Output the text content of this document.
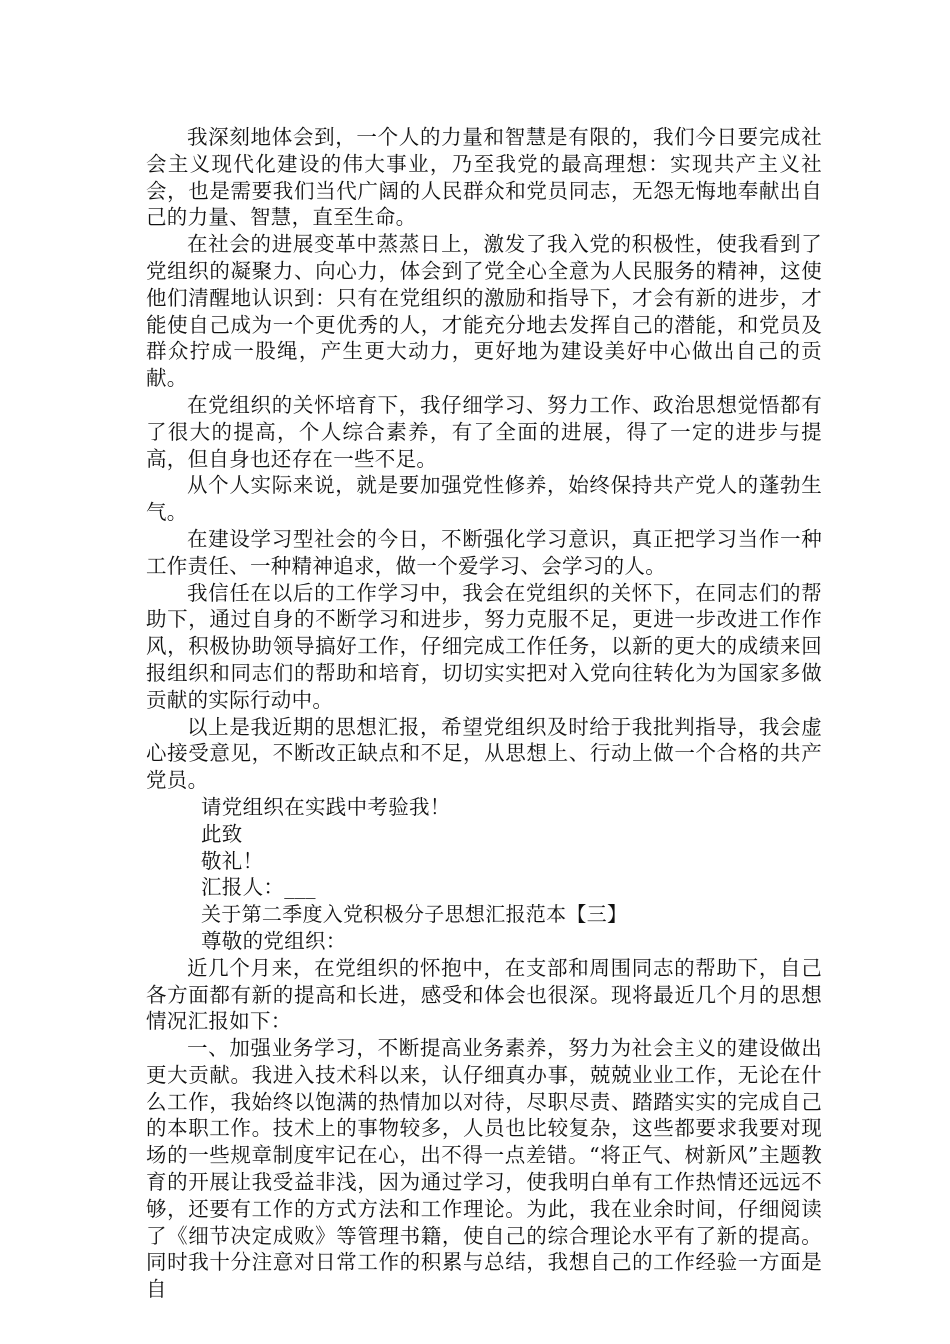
我深刻地体会到，一个人的力量和智慧是有限的，我们今日要完成社会主义现代化建设的伟大事业，乃至我党的最高理想：实现共产主义社会，也是需要我们当代广阔的人民群众和党员同志，无怨无悔地奉献出自己的力量、智慧，直至生命。

在社会的进展变革中蒸蒸日上，激发了我入党的积极性，使我看到了党组织的凝聚力、向心力，体会到了党全心全意为人民服务的精神，这使他们清醒地认识到：只有在党组织的激励和指导下，才会有新的进步，才能使自己成为一个更优秀的人，才能充分地去发挥自己的潜能，和党员及群众拧成一股绳，产生更大动力，更好地为建设美好中心做出自己的贡献。

在党组织的关怀培育下，我仔细学习、努力工作、政治思想觉悟都有了很大的提高，个人综合素养，有了全面的进展，得了一定的进步与提高，但自身也还存在一些不足。

从个人实际来说，就是要加强党性修养，始终保持共产党人的蓬勃生气。

在建设学习型社会的今日，不断强化学习意识，真正把学习当作一种工作责任、一种精神追求，做一个爱学习、会学习的人。

我信任在以后的工作学习中，我会在党组织的关怀下，在同志们的帮助下，通过自身的不断学习和进步，努力克服不足，更进一步改进工作作风，积极协助领导搞好工作，仔细完成工作任务，以新的更大的成绩来回报组织和同志们的帮助和培育，切切实实把对入党向往转化为为国家多做贡献的实际行动中。

以上是我近期的思想汇报，希望党组织及时给于我批判指导，我会虚心接受意见，不断改正缺点和不足，从思想上、行动上做一个合格的共产党员。

请党组织在实践中考验我！

此致

敬礼！

汇报人：___

关于第二季度入党积极分子思想汇报范本【三】

尊敬的党组织：

近几个月来，在党组织的怀抱中，在支部和周围同志的帮助下，自己各方面都有新的提高和长进，感受和体会也很深。现将最近几个月的思想情况汇报如下：

一、加强业务学习，不断提高业务素养，努力为社会主义的建设做出更大贡献。我进入技术科以来，认仔细真办事，兢兢业业工作，无论在什么工作，我始终以饱满的热情加以对待，尽职尽责、踏踏实实的完成自己的本职工作。技术上的事物较多，人员也比较复杂，这些都要求我要对现场的一些规章制度牢记在心，出不得一点差错。“将正气、树新风”主题教育的开展让我受益非浅，因为通过学习，使我明白单有工作热情还远远不够，还要有工作的方式方法和工作理论。为此，我在业余时间，仔细阅读了《细节决定成败》等管理书籍，使自己的综合理论水平有了新的提高。同时我十分注意对日常工作的积累与总结，我想自己的工作经验一方面是自
